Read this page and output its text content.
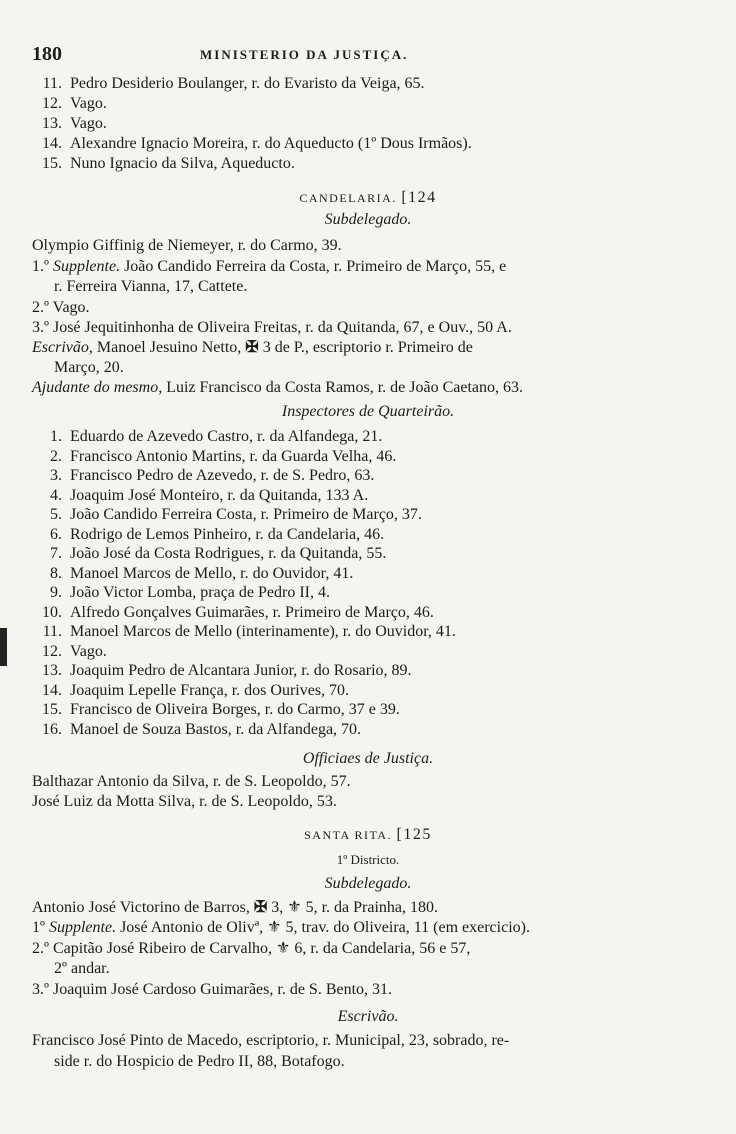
180	MINISTERIO DA JUSTIÇA.
11. Pedro Desiderio Boulanger, r. do Evaristo da Veiga, 65.
12. Vago.
13. Vago.
14. Alexandre Ignacio Moreira, r. do Aqueducto (1º Dous Irmãos).
15. Nuno Ignacio da Silva, Aqueducto.
CANDELARIA. [124
Subdelegado.
Olympio Giffinig de Niemeyer, r. do Carmo, 39.
1.º Supplente. João Candido Ferreira da Costa, r. Primeiro de Março, 55, e
r. Ferreira Vianna, 17, Cattete.
2.º Vago.
3.º José Jequitinhonha de Oliveira Freitas, r. da Quitanda, 67, e Ouv., 50 A.
Escrivão, Manoel Jesuino Netto, ✠ 3 de P., escriptorio r. Primeiro de
Março, 20.
Ajudante do mesmo, Luiz Francisco da Costa Ramos, r. de João Caetano, 63.
Inspectores de Quarteirão.
1. Eduardo de Azevedo Castro, r. da Alfandega, 21.
2. Francisco Antonio Martins, r. da Guarda Velha, 46.
3. Francisco Pedro de Azevedo, r. de S. Pedro, 63.
4. Joaquim José Monteiro, r. da Quitanda, 133 A.
5. João Candido Ferreira Costa, r. Primeiro de Março, 37.
6. Rodrigo de Lemos Pinheiro, r. da Candelaria, 46.
7. João José da Costa Rodrigues, r. da Quitanda, 55.
8. Manoel Marcos de Mello, r. do Ouvidor, 41.
9. João Victor Lomba, praça de Pedro II, 4.
10. Alfredo Gonçalves Guimarães, r. Primeiro de Março, 46.
11. Manoel Marcos de Mello (interinamente), r. do Ouvidor, 41.
12. Vago.
13. Joaquim Pedro de Alcantara Junior, r. do Rosario, 89.
14. Joaquim Lepelle França, r. dos Ourives, 70.
15. Francisco de Oliveira Borges, r. do Carmo, 37 e 39.
16. Manoel de Souza Bastos, r. da Alfandega, 70.
Officiaes de Justiça.
Balthazar Antonio da Silva, r. de S. Leopoldo, 57.
José Luiz da Motta Silva, r. de S. Leopoldo, 53.
SANTA RITA. [125
1º Districto.
Subdelegado.
Antonio José Victorino de Barros, ✠ 3, ⚜ 5, r. da Prainha, 180.
1º Supplente. José Antonio de Olivª, ⚜ 5, trav. do Oliveira, 11 (em exercicio).
2.º Capitão José Ribeiro de Carvalho, ⚜ 6, r. da Candelaria, 56 e 57,
2º andar.
3.º Joaquim José Cardoso Guimarães, r. de S. Bento, 31.
Escrivão.
Francisco José Pinto de Macedo, escriptorio, r. Municipal, 23, sobrado, re-
side r. do Hospicio de Pedro II, 88, Botafogo.
